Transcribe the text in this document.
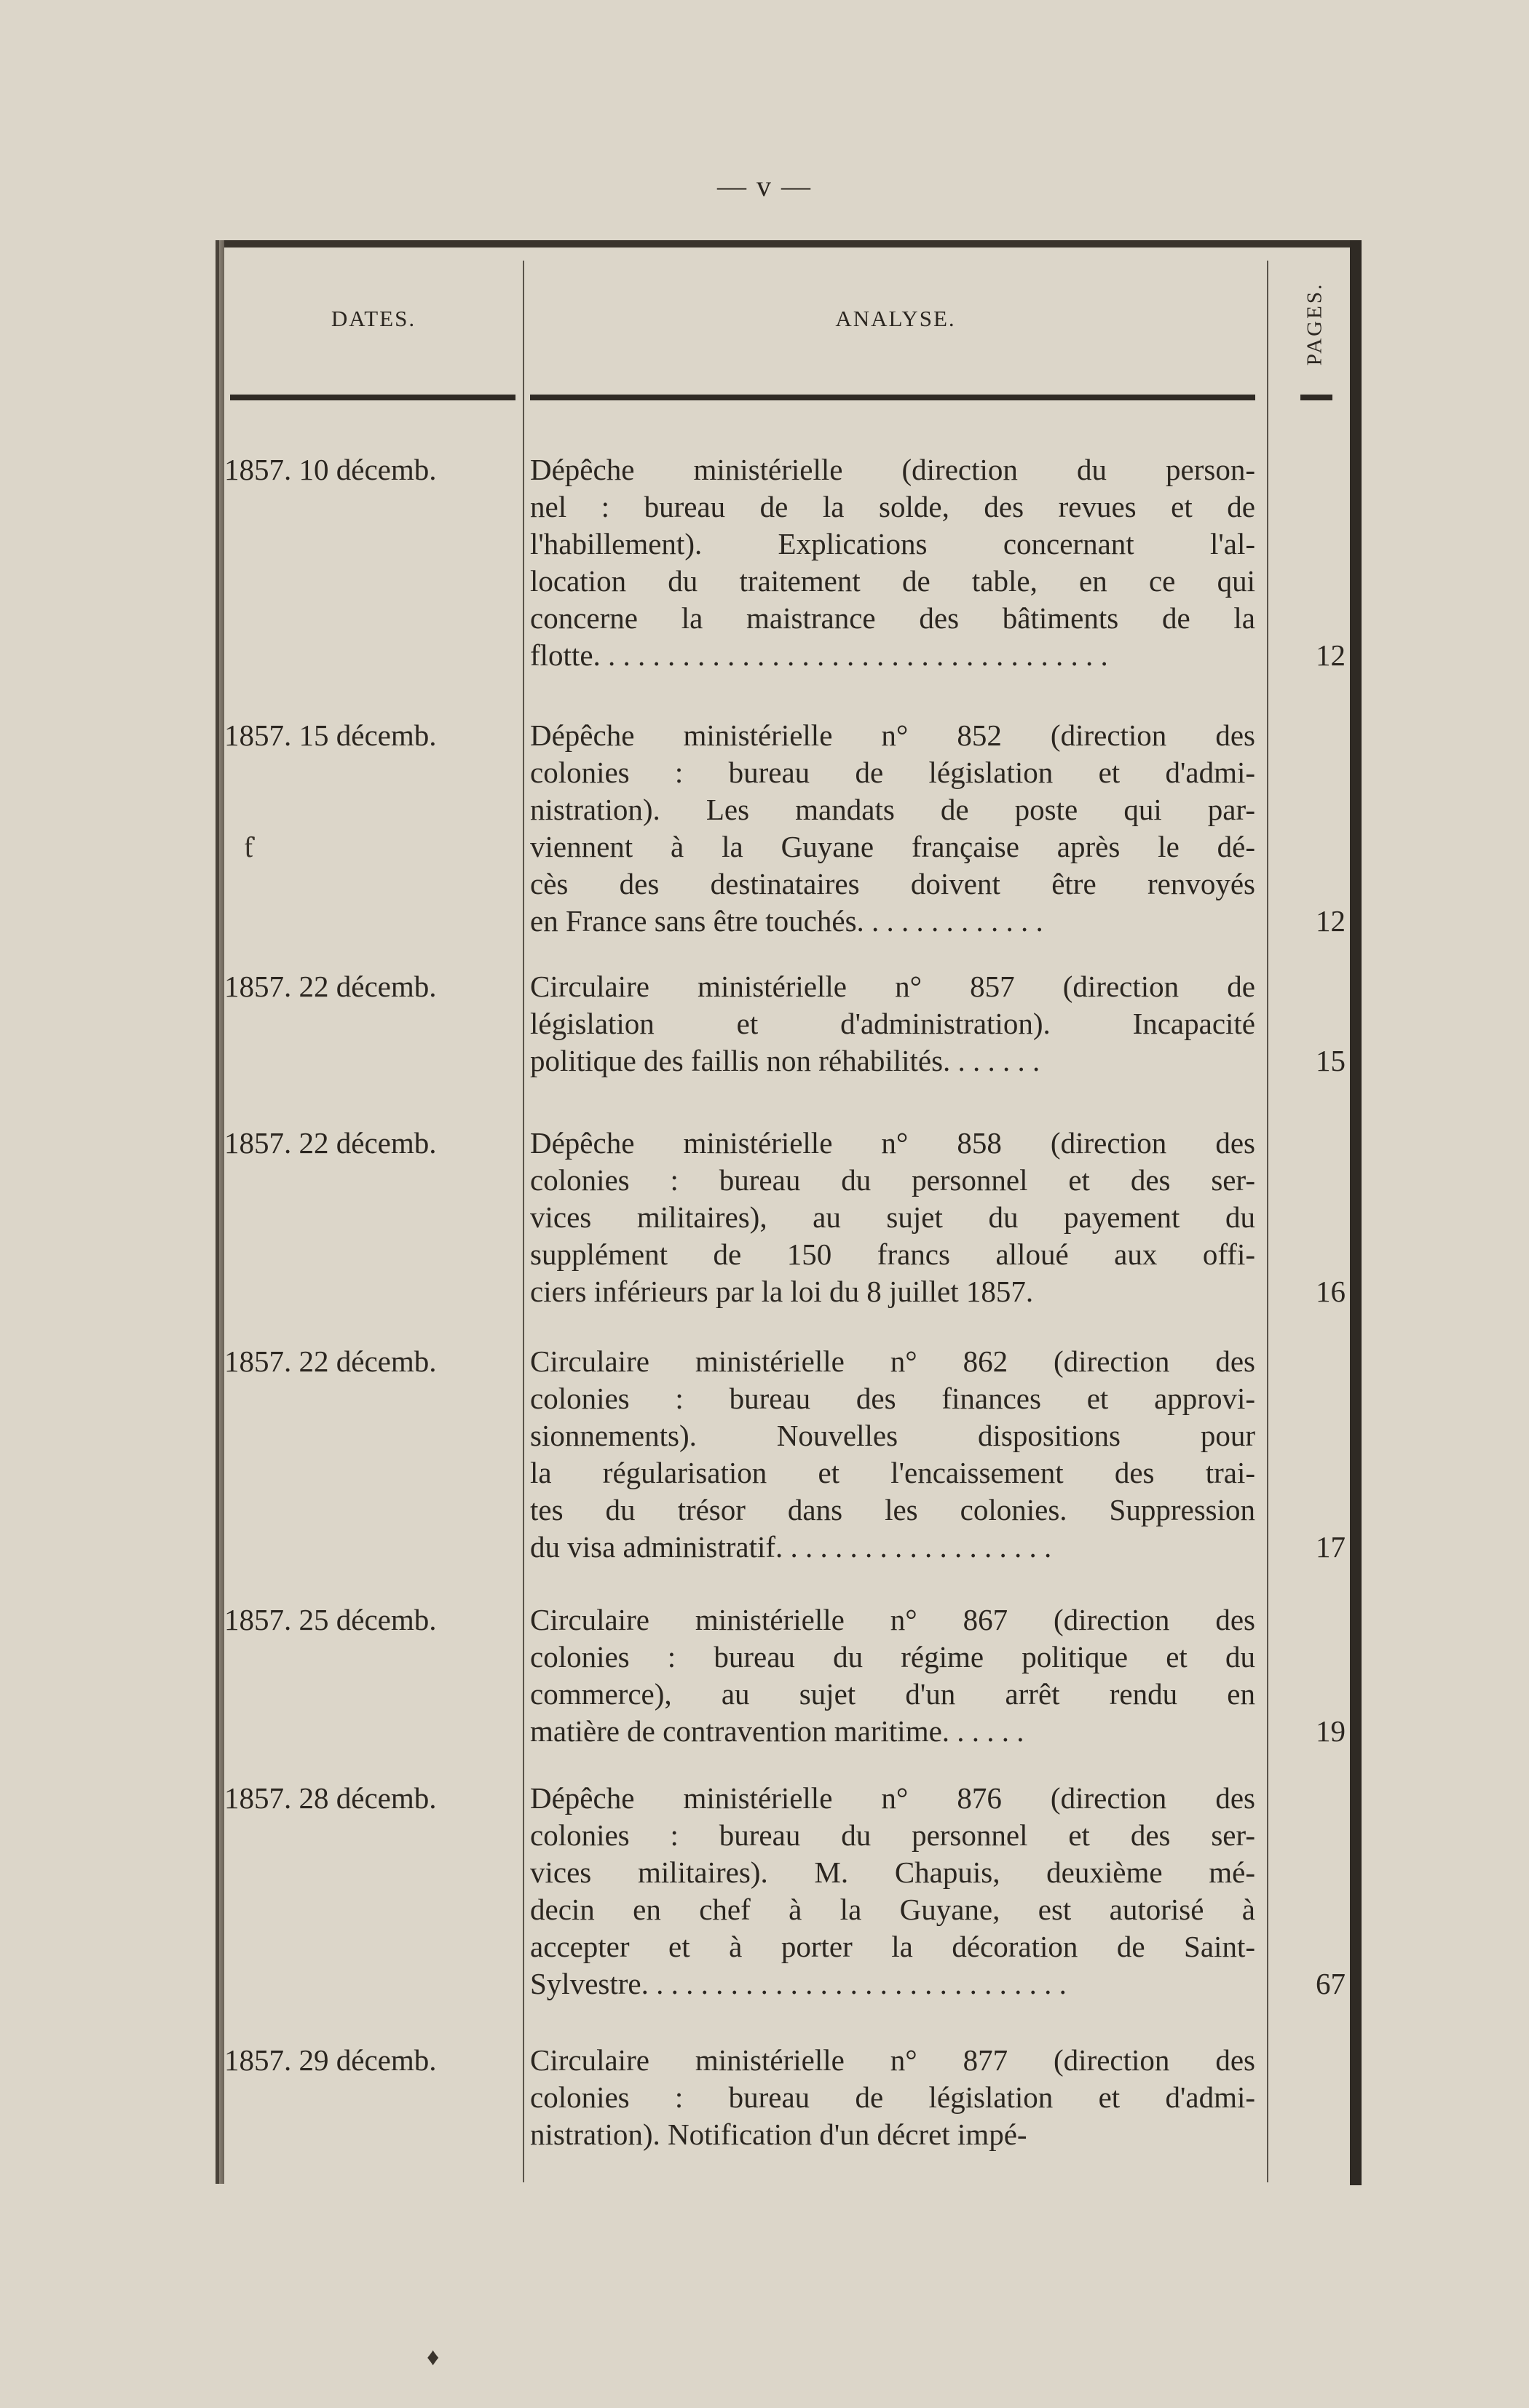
— v —
DATES.	ANALYSE.	PAGES.
1857. 10 décemb.	Dépêche ministérielle (direction du person-
nel : bureau de la solde, des revues et de
l'habillement). Explications concernant l'al-
location du traitement de table, en ce qui
concerne la maistrance des bâtiments de la
flotte. . . . . . . . . . . . . . . . . . . . . . . . . . . . . . . . . . .	12
1857. 15 décemb.	Dépêche ministérielle n° 852 (direction des
colonies : bureau de législation et d'admi-
nistration). Les mandats de poste qui par-
viennent à la Guyane française après le dé-
cès des destinataires doivent être renvoyés
en France sans être touchés. . . . . . . . . . . . .	12
1857. 22 décemb.	Circulaire ministérielle n° 857 (direction de
législation et d'administration). Incapacité
politique des faillis non réhabilités. . . . . . .	15
1857. 22 décemb.	Dépêche ministérielle n° 858 (direction des
colonies : bureau du personnel et des ser-
vices militaires), au sujet du payement du
supplément de 150 francs alloué aux offi-
ciers inférieurs par la loi du 8 juillet 1857.	16
1857. 22 décemb.	Circulaire ministérielle n° 862 (direction des
colonies : bureau des finances et approvi-
sionnements). Nouvelles dispositions pour
la régularisation et l'encaissement des trai-
tes du trésor dans les colonies. Suppression
du visa administratif. . . . . . . . . . . . . . . . . . .	17
1857. 25 décemb.	Circulaire ministérielle n° 867 (direction des
colonies : bureau du régime politique et du
commerce), au sujet d'un arrêt rendu en
matière de contravention maritime. . . . . .	19
1857. 28 décemb.	Dépêche ministérielle n° 876 (direction des
colonies : bureau du personnel et des ser-
vices militaires). M. Chapuis, deuxième mé-
decin en chef à la Guyane, est autorisé à
accepter et à porter la décoration de Saint-
Sylvestre. . . . . . . . . . . . . . . . . . . . . . . . . . . . .	67
1857. 29 décemb.	Circulaire ministérielle n° 877 (direction des
colonies : bureau de législation et d'admi-
nistration). Notification d'un décret impé-
ƭ
♦
